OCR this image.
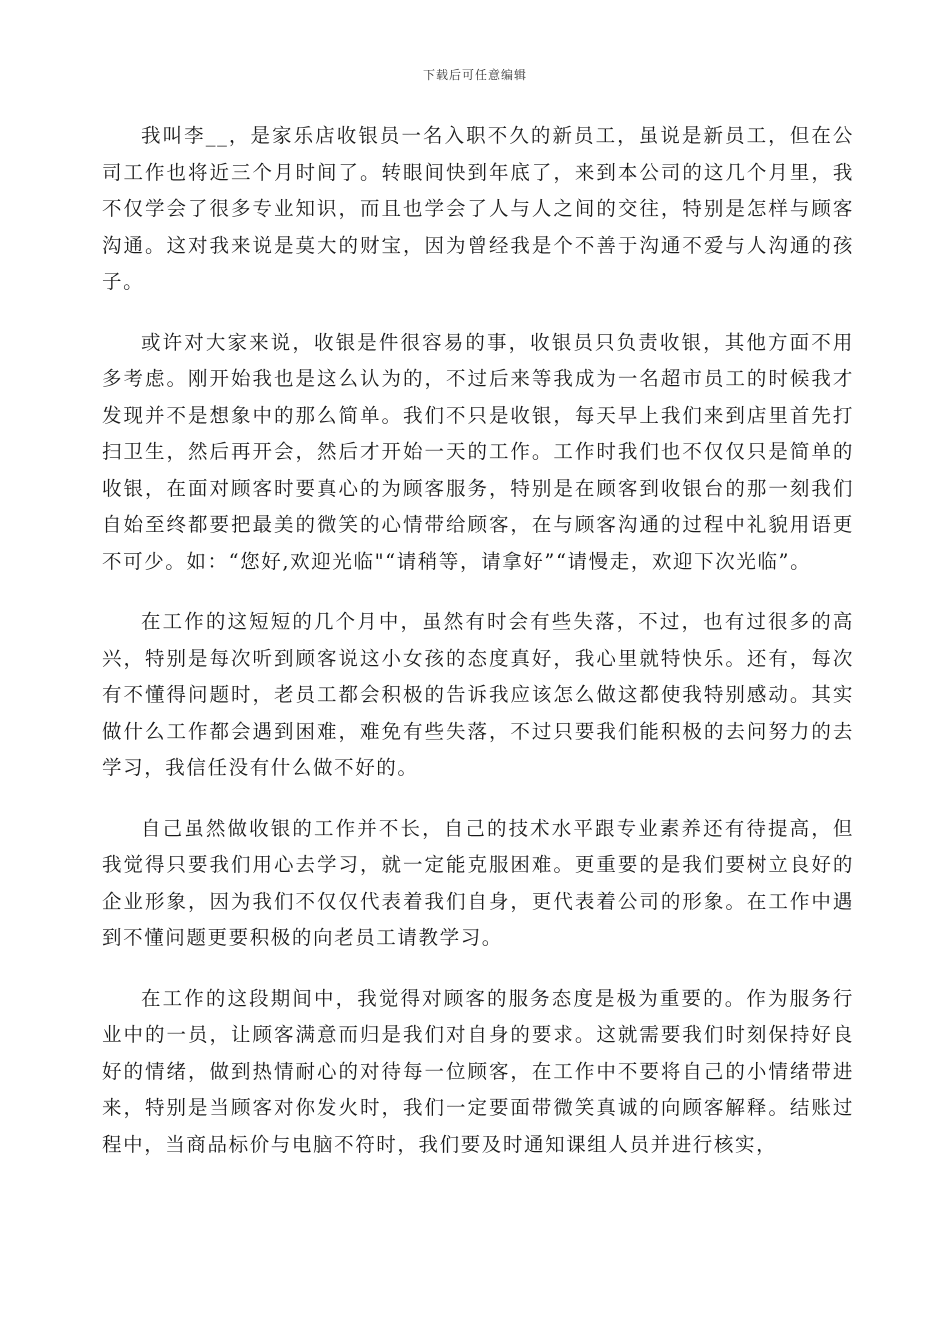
下载后可任意编辑

我叫李__，是家乐店收银员一名入职不久的新员工，虽说是新员工，但在公司工作也将近三个月时间了。转眼间快到年底了，来到本公司的这几个月里，我不仅学会了很多专业知识，而且也学会了人与人之间的交往，特别是怎样与顾客沟通。这对我来说是莫大的财宝，因为曾经我是个不善于沟通不爱与人沟通的孩子。

或许对大家来说，收银是件很容易的事，收银员只负责收银，其他方面不用多考虑。刚开始我也是这么认为的，不过后来等我成为一名超市员工的时候我才发现并不是想象中的那么简单。我们不只是收银，每天早上我们来到店里首先打扫卫生，然后再开会，然后才开始一天的工作。工作时我们也不仅仅只是简单的收银，在面对顾客时要真心的为顾客服务，特别是在顾客到收银台的那一刻我们自始至终都要把最美的微笑的心情带给顾客，在与顾客沟通的过程中礼貌用语更不可少。如：“您好,欢迎光临"“请稍等，请拿好”“请慢走，欢迎下次光临”。

在工作的这短短的几个月中，虽然有时会有些失落，不过，也有过很多的高兴，特别是每次听到顾客说这小女孩的态度真好，我心里就特快乐。还有，每次有不懂得问题时，老员工都会积极的告诉我应该怎么做这都使我特别感动。其实做什么工作都会遇到困难，难免有些失落，不过只要我们能积极的去问努力的去学习，我信任没有什么做不好的。

自己虽然做收银的工作并不长，自己的技术水平跟专业素养还有待提高，但我觉得只要我们用心去学习，就一定能克服困难。更重要的是我们要树立良好的企业形象，因为我们不仅仅代表着我们自身，更代表着公司的形象。在工作中遇到不懂问题更要积极的向老员工请教学习。

在工作的这段期间中，我觉得对顾客的服务态度是极为重要的。作为服务行业中的一员，让顾客满意而归是我们对自身的要求。这就需要我们时刻保持好良好的情绪，做到热情耐心的对待每一位顾客，在工作中不要将自己的小情绪带进来，特别是当顾客对你发火时，我们一定要面带微笑真诚的向顾客解释。结账过程中，当商品标价与电脑不符时，我们要及时通知课组人员并进行核实，
